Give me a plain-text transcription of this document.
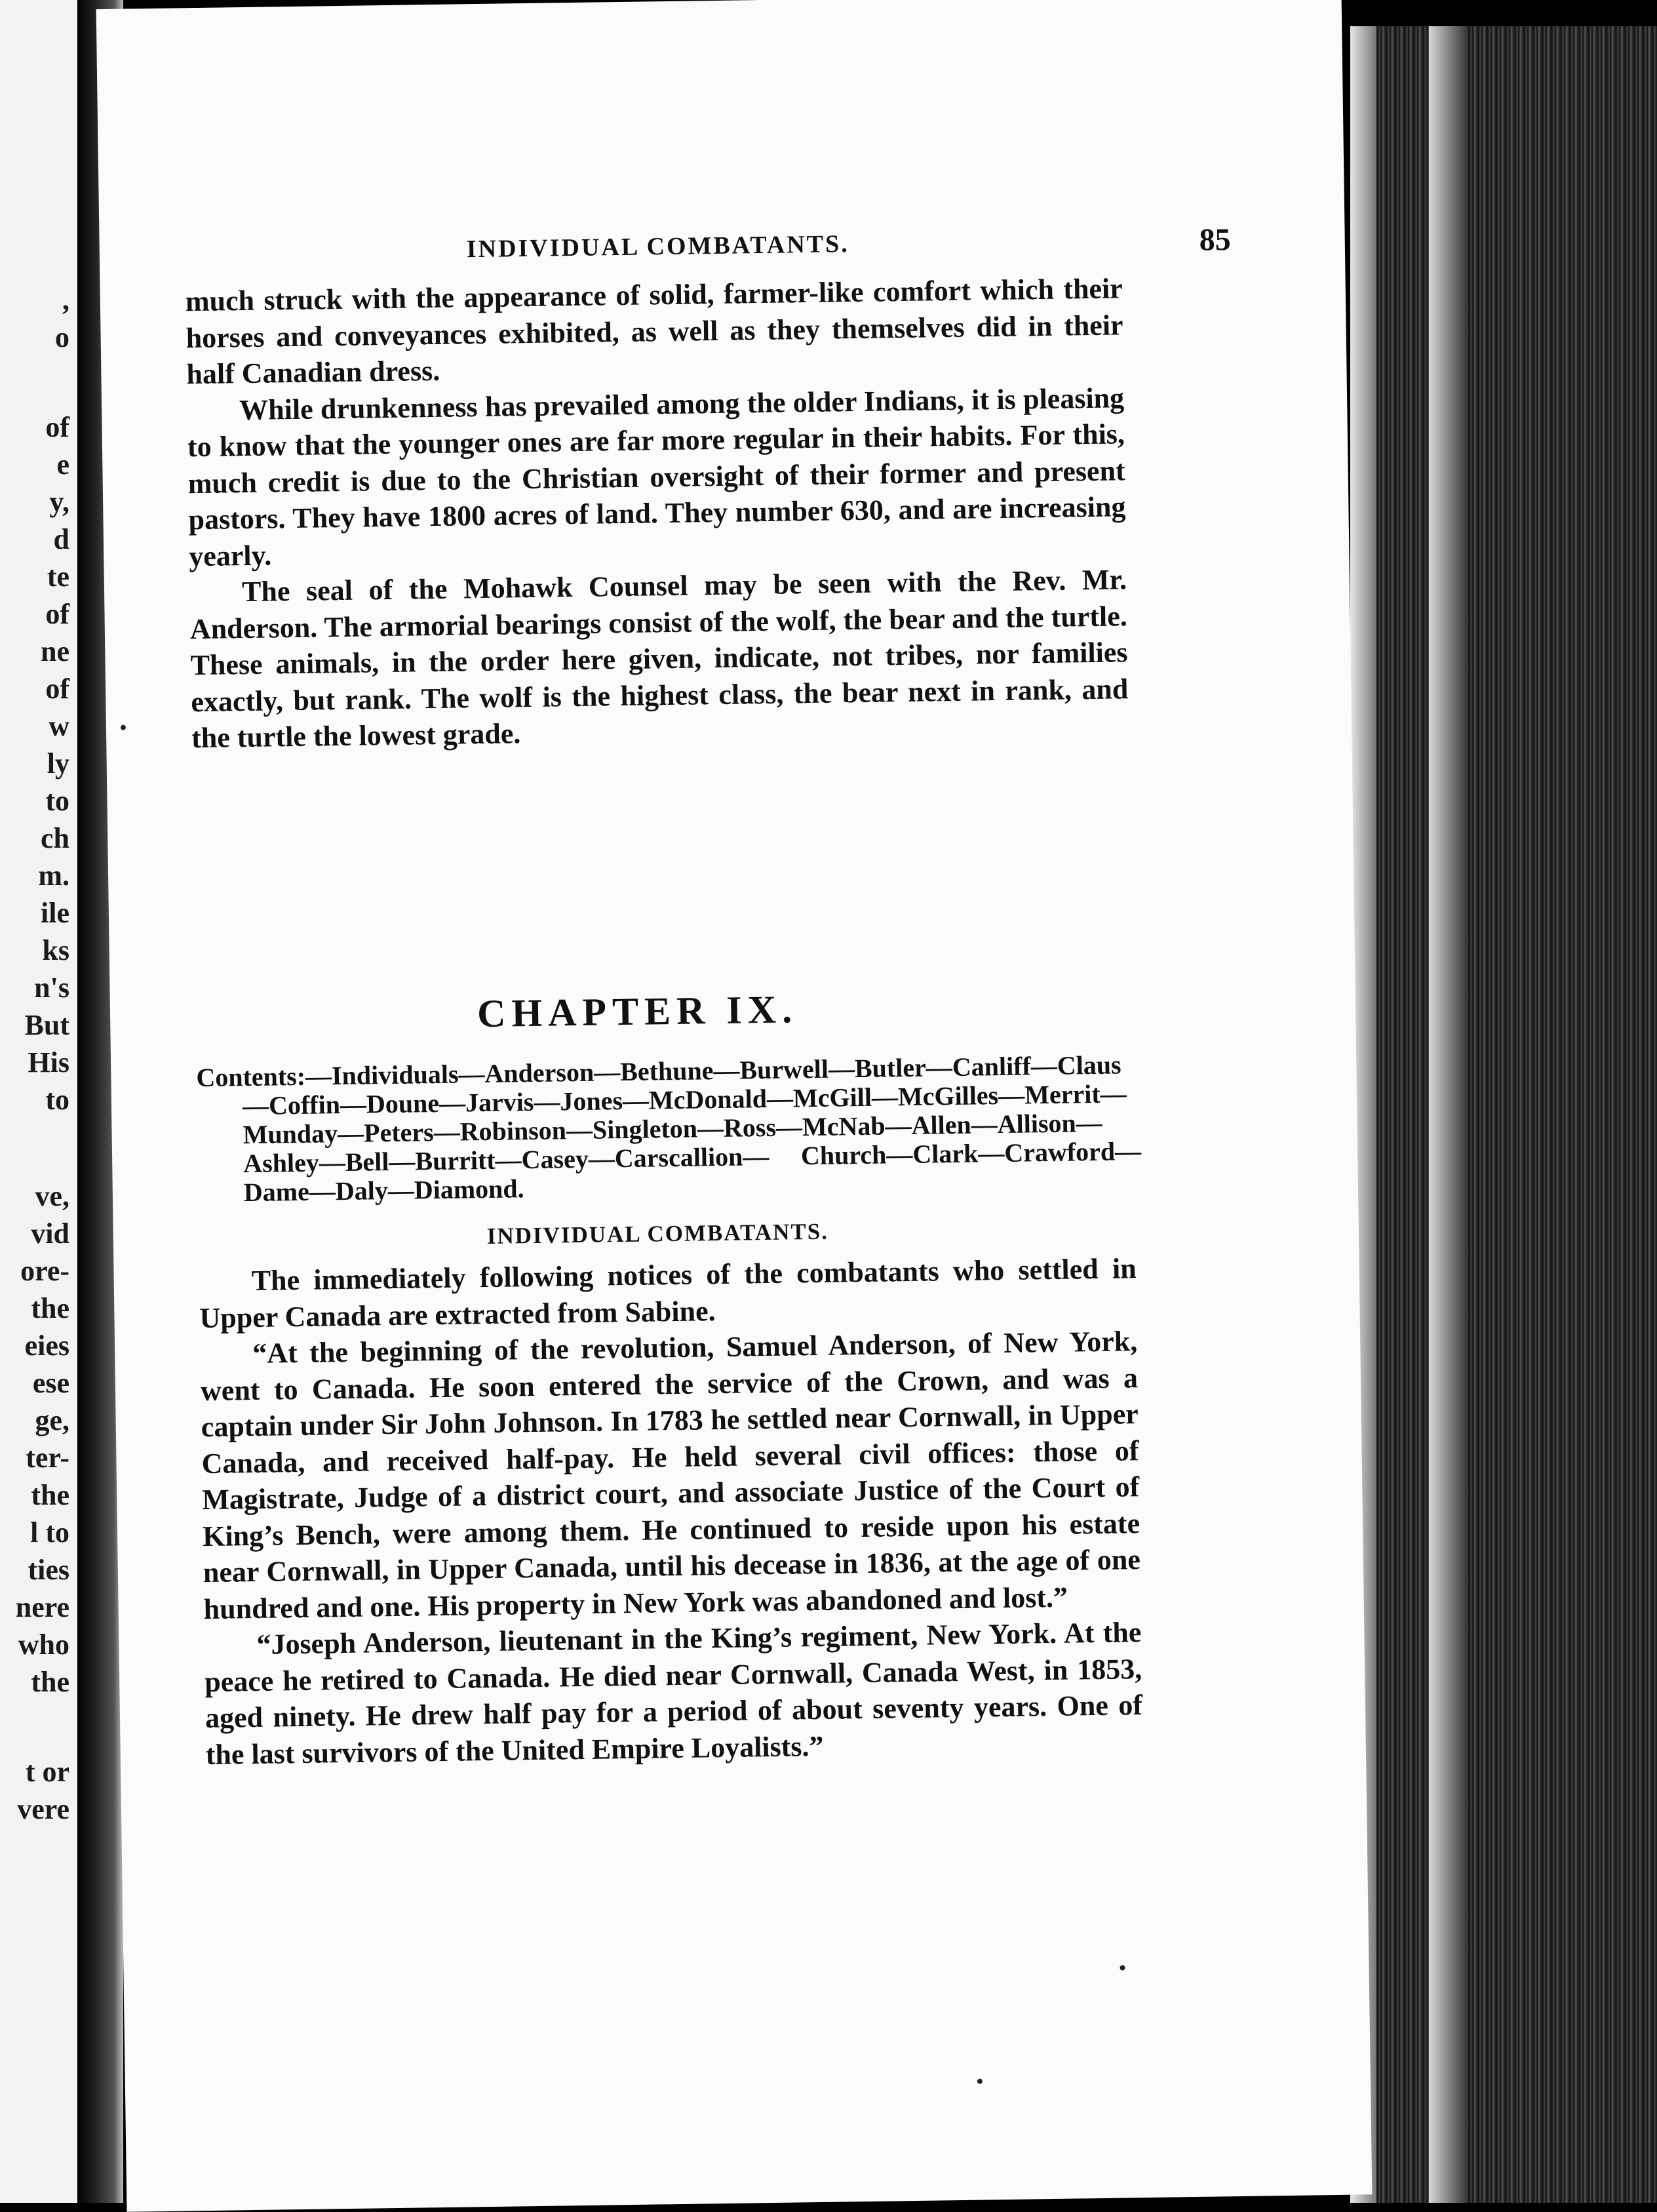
,
o
of
e
y,
d
te
of
ne
of
w
ly
to
ch
m.
ile
ks
n's
But
His
to
ve,
vid
ore-
the
eies
ese
ge,
ter-
the
l to
ties
nere
who
the
t or
vere
INDIVIDUAL COMBATANTS.	85

much struck with the appearance of solid, farmer-like comfort which their horses and conveyances exhibited, as well as they themselves did in their half Canadian dress.

While drunkenness has prevailed among the older Indians, it is pleasing to know that the younger ones are far more regular in their habits. For this, much credit is due to the Christian oversight of their former and present pastors. They have 1800 acres of land. They number 630, and are increasing yearly.

The seal of the Mohawk Counsel may be seen with the Rev. Mr. Anderson. The armorial bearings consist of the wolf, the bear and the turtle. These animals, in the order here given, indicate, not tribes, nor families exactly, but rank. The wolf is the highest class, the bear next in rank, and the turtle the lowest grade.

CHAPTER IX.
Contents:—Individuals—Anderson—Bethune—Burwell—Butler—Canliff—Claus —Coffin—Doune—Jarvis—Jones—McDonald—McGill—McGilles—Merrit—Munday—Peters—Robinson—Singleton—Ross—McNab—Allen—Allison—Ashley—Bell—Burritt—Casey—Carscallion— Church—Clark—Crawford—Dame—Daly—Diamond.
INDIVIDUAL COMBATANTS.

The immediately following notices of the combatants who settled in Upper Canada are extracted from Sabine.

“At the beginning of the revolution, Samuel Anderson, of New York, went to Canada. He soon entered the service of the Crown, and was a captain under Sir John Johnson. In 1783 he settled near Cornwall, in Upper Canada, and received half-pay. He held several civil offices: those of Magistrate, Judge of a district court, and associate Justice of the Court of King’s Bench, were among them. He continued to reside upon his estate near Cornwall, in Upper Canada, until his decease in 1836, at the age of one hundred and one. His property in New York was abandoned and lost.”

“Joseph Anderson, lieutenant in the King’s regiment, New York. At the peace he retired to Canada. He died near Cornwall, Canada West, in 1853, aged ninety. He drew half pay for a period of about seventy years. One of the last survivors of the United Empire Loyalists.”
